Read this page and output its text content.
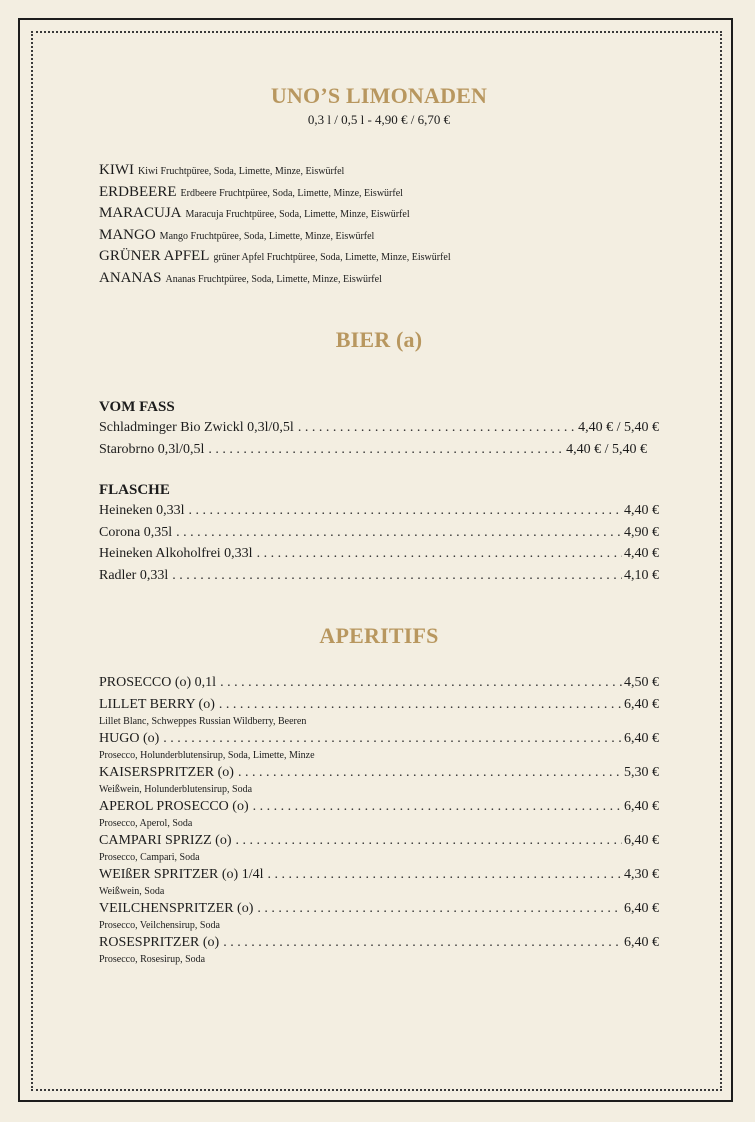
UNO’S LIMONADEN

0,3 l / 0,5 l - 4,90 € / 6,70 €

KIWI Kiwi Fruchtpüree, Soda, Limette, Minze, Eiswürfel
ERDBEERE Erdbeere Fruchtpüree, Soda, Limette, Minze, Eiswürfel
MARACUJA Maracuja Fruchtpüree, Soda, Limette, Minze, Eiswürfel
MANGO Mango Fruchtpüree, Soda, Limette, Minze, Eiswürfel
GRÜNER APFEL grüner Apfel Fruchtpüree, Soda, Limette, Minze, Eiswürfel
ANANAS Ananas Fruchtpüree, Soda, Limette, Minze, Eiswürfel
BIER (a)
VOM FASS
Schladminger Bio Zwickl 0,3l/0,5l . . .	4,40 € / 5,40 €
Starobrno 0,3l/0,5l . . .	4,40 € / 5,40 €
FLASCHE
Heineken 0,33l . . .	4,40 €
Corona 0,35l . . .	4,90 €
Heineken Alkoholfrei 0,33l . . .	4,40 €
Radler 0,33l . . .	4,10 €
APERITIFS
PROSECCO (o) 0,1l . . .	4,50 €
LILLET BERRY (o) . . .	6,40 €
Lillet Blanc, Schweppes Russian Wildberry, Beeren
HUGO (o) . . .	6,40 €
Prosecco, Holunderblutensirup, Soda, Limette, Minze
KAISERSPRITZER (o) . . .	5,30 €
Weißwein, Holunderblutensirup, Soda
APEROL PROSECCO (o) . . .	6,40 €
Prosecco, Aperol, Soda
CAMPARI SPRIZZ (o) . . .	6,40 €
Prosecco, Campari, Soda
WEIßER SPRITZER (o) 1/4l . . .	4,30 €
Weißwein, Soda
VEILCHENSPRITZER (o) . . .	6,40 €
Prosecco, Veilchensirup, Soda
ROSESPRITZER (o) . . .	6,40 €
Prosecco, Rosesirup, Soda
